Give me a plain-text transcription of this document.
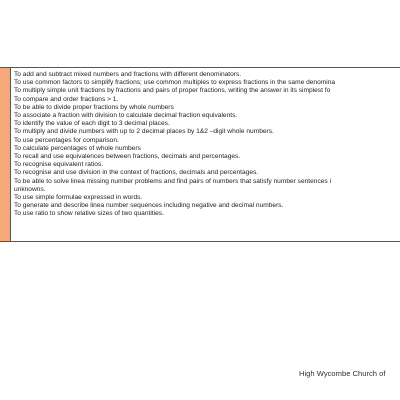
To add and subtract mixed numbers and fractions with different denominators.
To use common factors to simplify fractions; use common multiples to express fractions in the same denomina
To multiply simple unit fractions by fractions and pairs of proper fractions, writing the answer in its simplest fo
To compare and order fractions > 1.
To be able to divide proper fractions by whole numbers
To associate a fraction with division to calculate decimal fraction equivalents.
To identify the value of each digit to 3 decimal places.
To multiply and divide numbers with up to 2 decimal places by 1&2 –digit whole numbers.
To use percentages for comparison.
To calculate percentages of whole numbers
To recall and use equivalences between fractions, decimals and percentages.
To recognise equivalent ratios.
To recognise and use division in the context of fractions, decimals and percentages.
To be able to solve linea missing number problems and find pairs of numbers that satisfy number sentences i
unknowns.
To use simple formulae expressed in words.
To generate and describe linea number sequences including negative and decimal numbers.
To use ratio to show relative sizes of two quantities.
High Wycombe Church of
